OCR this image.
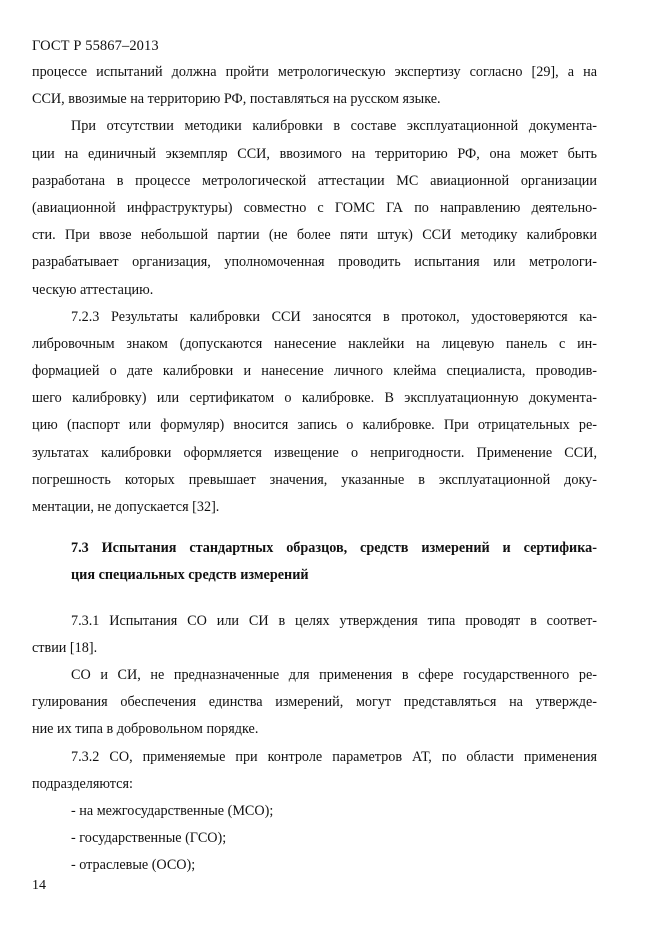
ГОСТ Р 55867–2013
процессе испытаний должна пройти метрологическую экспертизу согласно [29], а на
ССИ, ввозимые на территорию РФ, поставляться на русском языке.
При отсутствии методики калибровки в составе эксплуатационной документа-
ции на единичный экземпляр ССИ, ввозимого на территорию РФ, она может быть
разработана в процессе метрологической аттестации МС авиационной организации
(авиационной инфраструктуры) совместно с ГОМС ГА по направлению деятельно-
сти. При ввозе небольшой партии (не более пяти штук) ССИ методику калибровки
разрабатывает организация, уполномоченная проводить испытания или метрологи-
ческую аттестацию.
7.2.3 Результаты калибровки ССИ заносятся в протокол, удостоверяются ка-
либровочным знаком (допускаются нанесение наклейки на лицевую панель с ин-
формацией о дате калибровки и нанесение личного клейма специалиста, проводив-
шего калибровку) или сертификатом о калибровке. В эксплуатационную документа-
цию (паспорт или формуляр) вносится запись о калибровке. При отрицательных ре-
зультатах калибровки оформляется извещение о непригодности. Применение ССИ,
погрешность которых превышает значения, указанные в эксплуатационной доку-
ментации, не допускается [32].
7.3 Испытания стандартных образцов, средств измерений и сертифика-
ция специальных средств измерений
7.3.1 Испытания СО или СИ в целях утверждения типа проводят в соответ-
ствии [18].
СО и СИ, не предназначенные для применения в сфере государственного ре-
гулирования обеспечения единства измерений, могут представляться на утвержде-
ние их типа в добровольном порядке.
7.3.2 СО, применяемые при контроле параметров АТ, по области применения
подразделяются:
- на межгосударственные (МСО);
- государственные (ГСО);
- отраслевые (ОСО);
14
